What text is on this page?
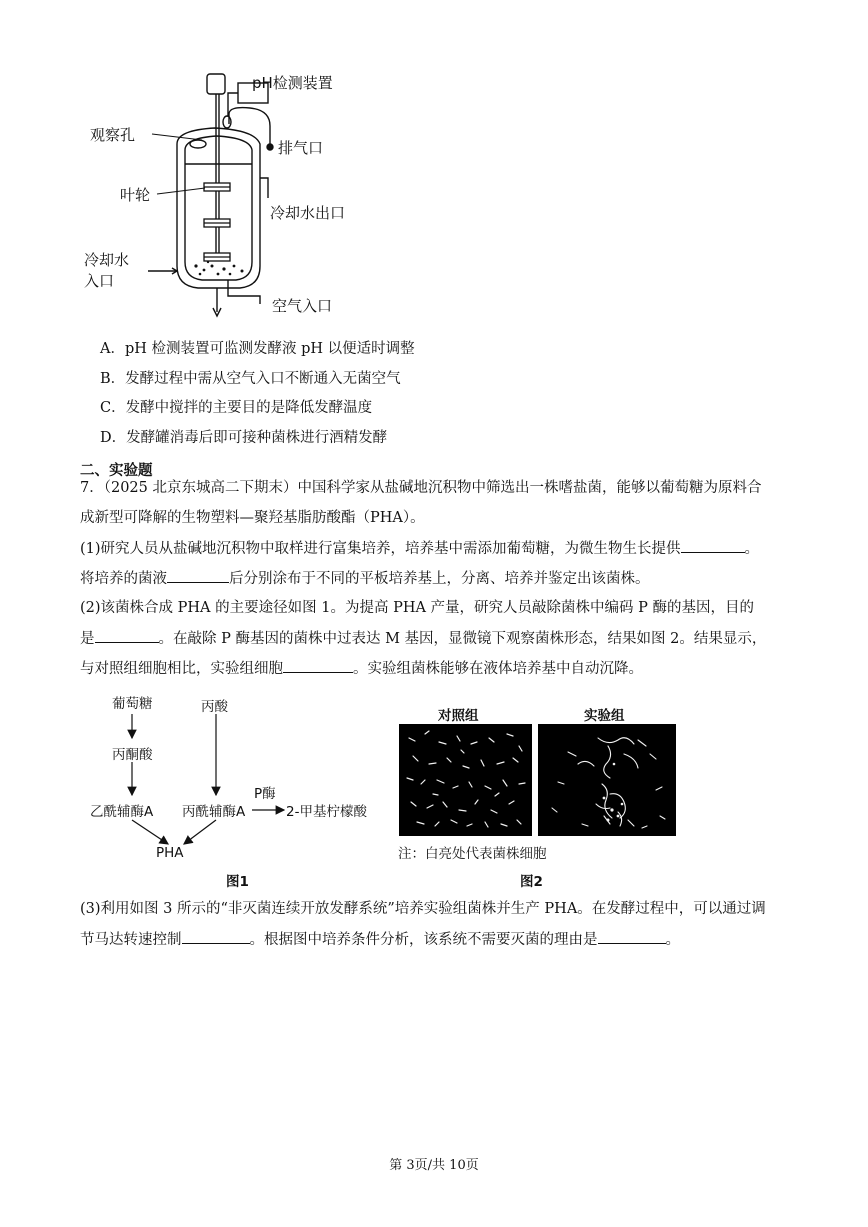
pH检测装置
观察孔
排气口
叶轮
冷却水出口
冷却水
入口
空气入口
A．pH 检测装置可监测发酵液 pH 以便适时调整
B．发酵过程中需从空气入口不断通入无菌空气
C．发酵中搅拌的主要目的是降低发酵温度
D．发酵罐消毒后即可接种菌株进行酒精发酵
二、实验题
7．（2025 北京东城高二下期末）中国科学家从盐碱地沉积物中筛选出一株嗜盐菌，能够以葡萄糖为原料合
成新型可降解的生物塑料—聚羟基脂肪酸酯（PHA）。
(1)研究人员从盐碱地沉积物中取样进行富集培养，培养基中需添加葡萄糖，为微生物生长提供	。
将培养的菌液	后分别涂布于不同的平板培养基上，分离、培养并鉴定出该菌株。
(2)该菌株合成 PHA 的主要途径如图 1。为提高 PHA 产量，研究人员敲除菌株中编码 P 酶的基因，目的
是	。在敲除 P 酶基因的菌株中过表达 M 基因，显微镜下观察菌株形态，结果如图 2。结果显示，
与对照组细胞相比，实验组细胞	。实验组菌株能够在液体培养基中自动沉降。
葡萄糖
丙酮酸
丙酸
乙酰辅酶A 丙酰辅酶A
P酶
2-甲基柠檬酸
PHA
图1
对照组	实验组
注：白亮处代表菌株细胞
图2
(3)利用如图 3 所示的“非灭菌连续开放发酵系统”培养实验组菌株并生产 PHA。在发酵过程中，可以通过调
节马达转速控制	。根据图中培养条件分析，该系统不需要灭菌的理由是	。
第 3页/共 10页
